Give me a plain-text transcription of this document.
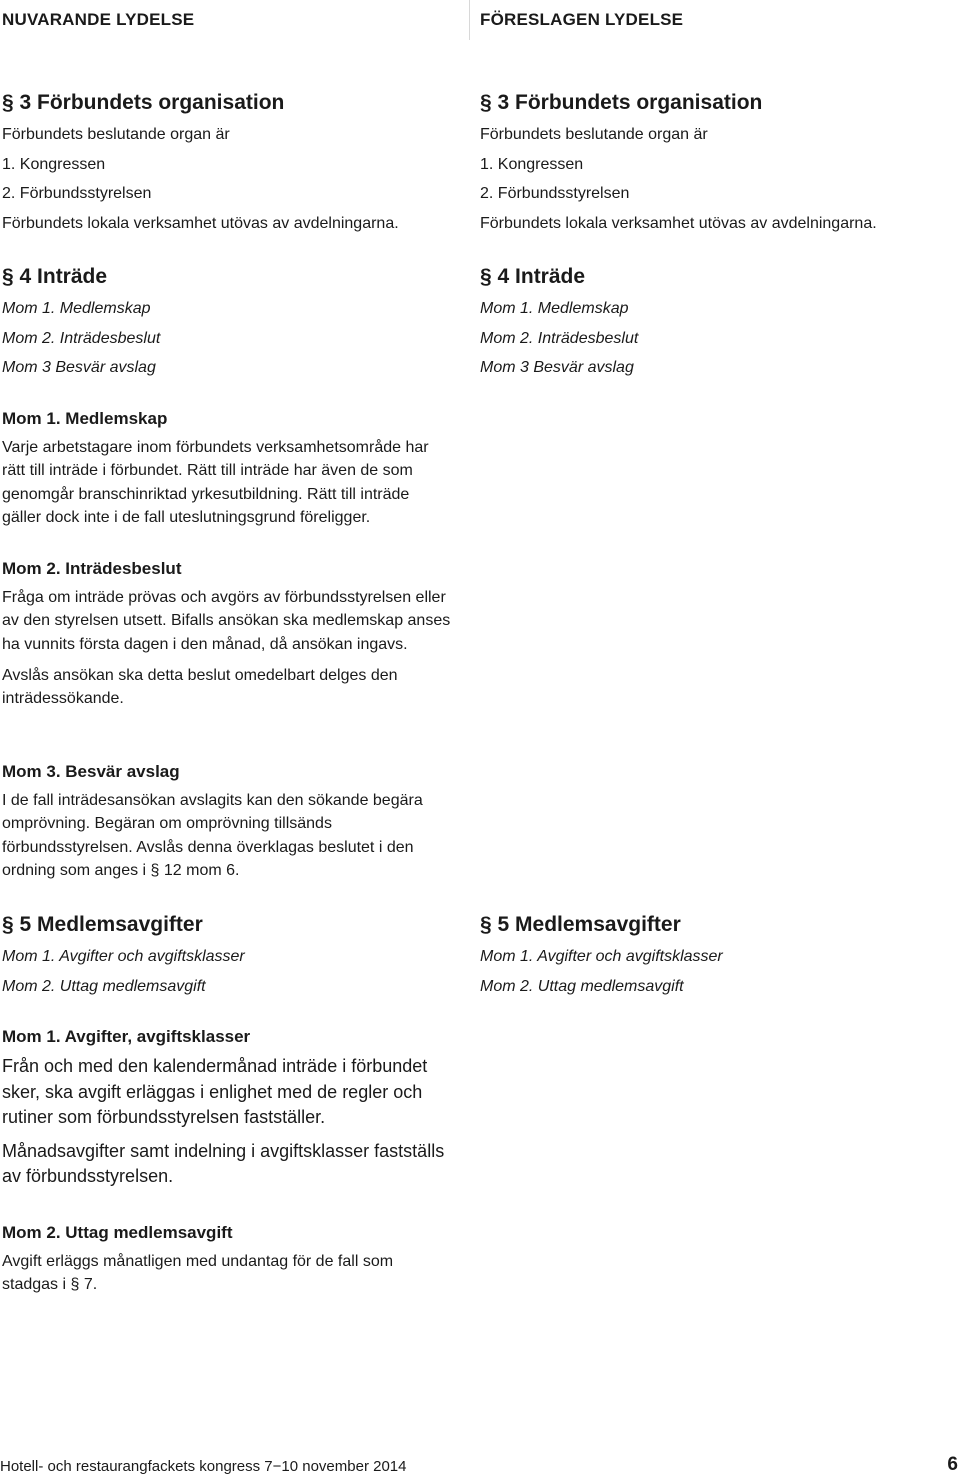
NUVARANDE LYDELSE	FÖRESLAGEN LYDELSE

§ 3 Förbundets organisation

Förbundets beslutande organ är

1. Kongressen

2. Förbundsstyrelsen

Förbundets lokala verksamhet utövas av avdelningarna.

§ 4 Inträde

Mom 1. Medlemskap

Mom 2. Inträdesbeslut

Mom 3 Besvär avslag

Mom 1. Medlemskap

Varje arbetstagare inom förbundets verksamhetsområde har rätt till inträde i förbundet. Rätt till inträde har även de som genomgår branschinriktad yrkesutbildning. Rätt till inträde gäller dock inte i de fall uteslutningsgrund föreligger.

Mom 2. Inträdesbeslut

Fråga om inträde prövas och avgörs av förbundsstyrelsen eller av den styrelsen utsett. Bifalls ansökan ska medlemskap anses ha vunnits första dagen i den månad, då ansökan ingavs.

Avslås ansökan ska detta beslut omedelbart delges den inträdessökande.

Mom 3. Besvär avslag

I de fall inträdesansökan avslagits kan den sökande begära omprövning. Begäran om omprövning tillsänds förbundsstyrelsen. Avslås denna överklagas beslutet i den ordning som anges i § 12 mom 6.

§ 5 Medlemsavgifter

Mom 1. Avgifter och avgiftsklasser

Mom 2. Uttag medlemsavgift

Mom 1. Avgifter, avgiftsklasser

Från och med den kalendermånad inträde i förbundet sker, ska avgift erläggas i enlighet med de regler och rutiner som förbundsstyrelsen fastställer.

Månadsavgifter samt indelning i avgiftsklasser fastställs av förbundsstyrelsen.

Mom 2. Uttag medlemsavgift

Avgift erläggs månatligen med undantag för de fall som stadgas i § 7.

§ 3 Förbundets organisation

Förbundets beslutande organ är

1. Kongressen

2. Förbundsstyrelsen

Förbundets lokala verksamhet utövas av avdelningarna.

§ 4 Inträde

Mom 1. Medlemskap

Mom 2. Inträdesbeslut

Mom 3 Besvär avslag

§ 5 Medlemsavgifter

Mom 1. Avgifter och avgiftsklasser

Mom 2. Uttag medlemsavgift

Hotell- och restaurangfackets kongress 7−10 november 2014	6
